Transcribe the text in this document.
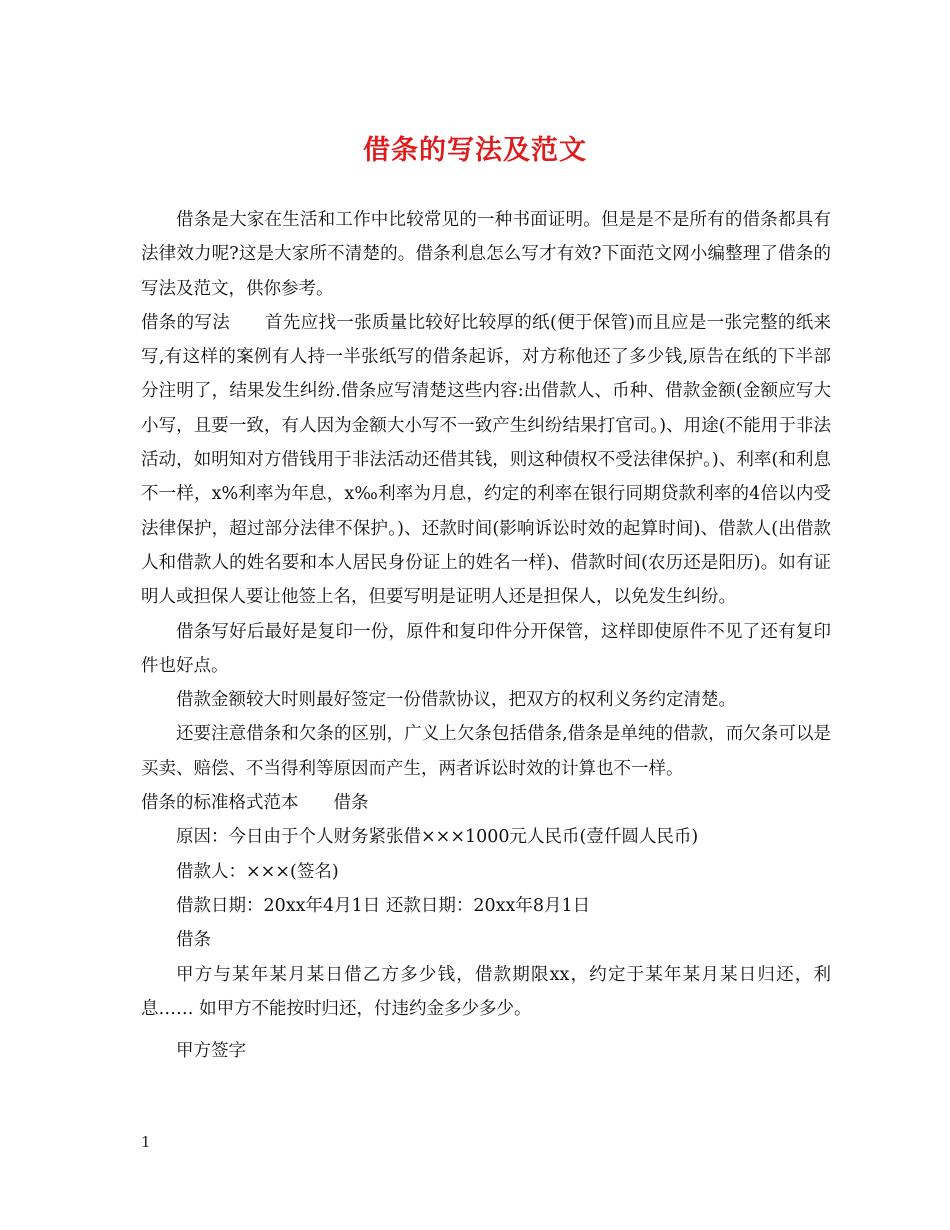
借条的写法及范文

借条是大家在生活和工作中比较常见的一种书面证明。但是是不是所有的借条都具有法律效力呢?这是大家所不清楚的。借条利息怎么写才有效?下面范文网小编整理了借条的写法及范文，供你参考。

借条的写法 首先应找一张质量比较好比较厚的纸(便于保管)而且应是一张完整的纸来写,有这样的案例有人持一半张纸写的借条起诉，对方称他还了多少钱,原告在纸的下半部分注明了，结果发生纠纷.借条应写清楚这些内容:出借款人、币种、借款金额(金额应写大小写，且要一致，有人因为金额大小写不一致产生纠纷结果打官司。)、用途(不能用于非法活动，如明知对方借钱用于非法活动还借其钱，则这种债权不受法律保护。)、利率(和利息不一样，x%利率为年息，x‰利率为月息，约定的利率在银行同期贷款利率的4倍以内受法律保护，超过部分法律不保护。)、还款时间(影响诉讼时效的起算时间)、借款人(出借款人和借款人的姓名要和本人居民身份证上的姓名一样)、借款时间(农历还是阳历)。如有证明人或担保人要让他签上名，但要写明是证明人还是担保人，以免发生纠纷。

借条写好后最好是复印一份，原件和复印件分开保管，这样即使原件不见了还有复印件也好点。

借款金额较大时则最好签定一份借款协议，把双方的权利义务约定清楚。

还要注意借条和欠条的区别，广义上欠条包括借条,借条是单纯的借款，而欠条可以是买卖、赔偿、不当得利等原因而产生，两者诉讼时效的计算也不一样。

借条的标准格式范本 借条

原因：今日由于个人财务紧张借×××1000元人民币(壹仟圆人民币)

借款人：×××(签名)

借款日期：20xx年4月1日 还款日期：20xx年8月1日

借条

甲方与某年某月某日借乙方多少钱，借款期限xx，约定于某年某月某日归还，利息…… 如甲方不能按时归还，付违约金多少多少。

甲方签字

1
